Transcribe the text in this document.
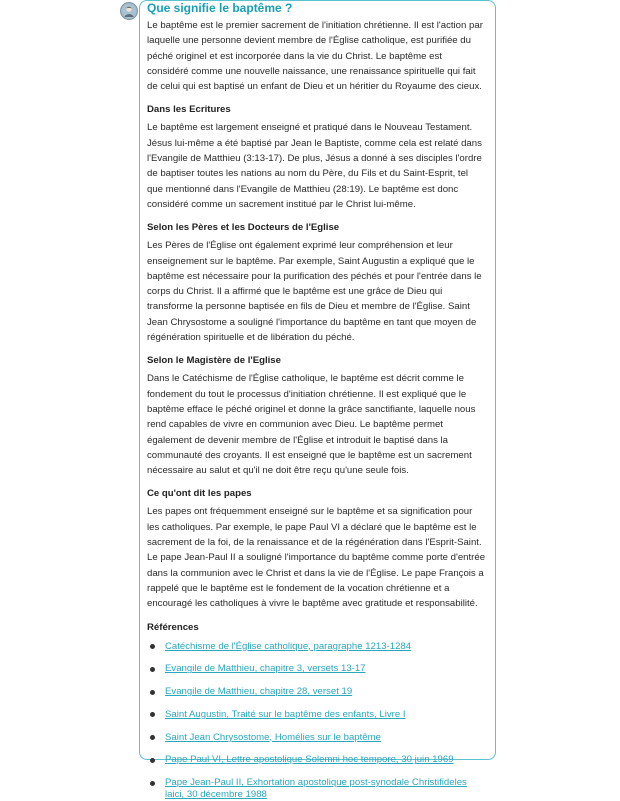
Que signifie le baptême ?

Le baptême est le premier sacrement de l'initiation chrétienne. Il est l'action par laquelle une personne devient membre de l'Église catholique, est purifiée du péché originel et est incorporée dans la vie du Christ. Le baptême est considéré comme une nouvelle naissance, une renaissance spirituelle qui fait de celui qui est baptisé un enfant de Dieu et un héritier du Royaume des cieux.

Dans les Ecritures

Le baptême est largement enseigné et pratiqué dans le Nouveau Testament. Jésus lui-même a été baptisé par Jean le Baptiste, comme cela est relaté dans l'Evangile de Matthieu (3:13-17). De plus, Jésus a donné à ses disciples l'ordre de baptiser toutes les nations au nom du Père, du Fils et du Saint-Esprit, tel que mentionné dans l'Evangile de Matthieu (28:19). Le baptême est donc considéré comme un sacrement institué par le Christ lui-même.

Selon les Pères et les Docteurs de l'Eglise

Les Pères de l'Église ont également exprimé leur compréhension et leur enseignement sur le baptême. Par exemple, Saint Augustin a expliqué que le baptême est nécessaire pour la purification des péchés et pour l'entrée dans le corps du Christ. Il a affirmé que le baptême est une grâce de Dieu qui transforme la personne baptisée en fils de Dieu et membre de l'Église. Saint Jean Chrysostome a souligné l'importance du baptême en tant que moyen de régénération spirituelle et de libération du péché.

Selon le Magistère de l'Eglise

Dans le Catéchisme de l'Église catholique, le baptême est décrit comme le fondement du tout le processus d'initiation chrétienne. Il est expliqué que le baptême efface le péché originel et donne la grâce sanctifiante, laquelle nous rend capables de vivre en communion avec Dieu. Le baptême permet également de devenir membre de l'Église et introduit le baptisé dans la communauté des croyants. Il est enseigné que le baptême est un sacrement nécessaire au salut et qu'il ne doit être reçu qu'une seule fois.

Ce qu'ont dit les papes

Les papes ont fréquemment enseigné sur le baptême et sa signification pour les catholiques. Par exemple, le pape Paul VI a déclaré que le baptême est le sacrement de la foi, de la renaissance et de la régénération dans l'Esprit-Saint. Le pape Jean-Paul II a souligné l'importance du baptême comme porte d'entrée dans la communion avec le Christ et dans la vie de l'Église. Le pape François a rappelé que le baptême est le fondement de la vocation chrétienne et a encouragé les catholiques à vivre le baptême avec gratitude et responsabilité.

Références
Catéchisme de l'Église catholique, paragraphe 1213-1284
Evangile de Matthieu, chapitre 3, versets 13-17
Evangile de Matthieu, chapitre 28, verset 19
Saint Augustin, Traité sur le baptême des enfants, Livre I
Saint Jean Chrysostome, Homélies sur le baptême
Pape Paul VI, Lettre apostolique Solemni hoc tempore, 30 juin 1969
Pape Jean-Paul II, Exhortation apostolique post-synodale Christifideles laici, 30 décembre 1988
